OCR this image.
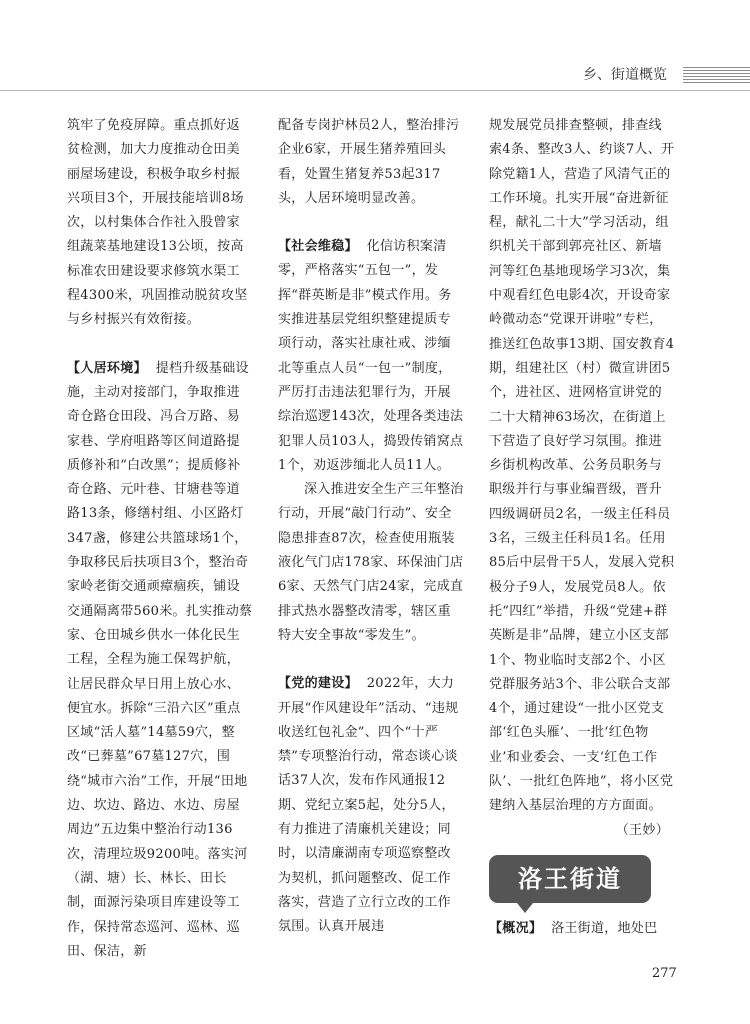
乡、街道概览

筑牢了免疫屏障。重点抓好返贫检测，加大力度推动仓田美丽屋场建设，积极争取乡村振兴项目3个，开展技能培训8场次，以村集体合作社入股曾家组蔬菜基地建设13公顷，按高标准农田建设要求修筑水渠工程4300米，巩固推动脱贫攻坚与乡村振兴有效衔接。

【人居环境】 提档升级基础设施，主动对接部门，争取推进奇仓路仓田段、冯合万路、易家巷、学府咀路等区间道路提质修补和“白改黑”；提质修补奇仓路、元叶巷、甘塘巷等道路13条，修缮村组、小区路灯347盏，修建公共篮球场1个，争取移民后扶项目3个，整治奇家岭老街交通顽瘴痼疾，铺设交通隔离带560米。扎实推动蔡家、仓田城乡供水一体化民生工程，全程为施工保驾护航，让居民群众早日用上放心水、便宜水。拆除“三沿六区”重点区域“活人墓”14墓59穴，整改“已葬墓”67墓127穴，围绕“城市六治”工作，开展“田地边、坎边、路边、水边、房屋周边”五边集中整治行动136次，清理垃圾9200吨。落实河（湖、塘）长、林长、田长制，面源污染项目库建设等工作，保持常态巡河、巡林、巡田、保洁，新

配备专岗护林员2人，整治排污企业6家，开展生猪养殖回头看，处置生猪复养53起317头，人居环境明显改善。

【社会维稳】 化信访积案清零，严格落实“五包一”，发挥“群英断是非”模式作用。务实推进基层党组织整建提质专项行动，落实社康社戒、涉缅北等重点人员“一包一”制度，严厉打击违法犯罪行为，开展综治巡逻143次，处理各类违法犯罪人员103人，捣毁传销窝点1个，劝返涉缅北人员11人。

深入推进安全生产三年整治行动，开展“敲门行动”、安全隐患排查87次，检查使用瓶装液化气门店178家、环保油门店6家、天然气门店24家，完成直排式热水器整改清零，辖区重特大安全事故“零发生”。

【党的建设】 2022年，大力开展“作风建设年”活动、“违规收送红包礼金”、四个“十严禁”专项整治行动，常态谈心谈话37人次，发布作风通报12期、党纪立案5起，处分5人，有力推进了清廉机关建设；同时，以清廉湖南专项巡察整改为契机，抓问题整改、促工作落实，营造了立行立改的工作氛围。认真开展违

规发展党员排查整顿，排查线索4条、整改3人、约谈7人、开除党籍1人，营造了风清气正的工作环境。扎实开展“奋进新征程，献礼二十大”学习活动，组织机关干部到郭亮社区、新墙河等红色基地现场学习3次，集中观看红色电影4次，开设奇家岭微动态“党课开讲啦”专栏，推送红色故事13期、国安教育4期，组建社区（村）微宣讲团5个，进社区、进网格宣讲党的二十大精神63场次，在街道上下营造了良好学习氛围。推进乡街机构改革、公务员职务与职级并行与事业编晋级，晋升四级调研员2名，一级主任科员3名，三级主任科员1名。任用85后中层骨干5人，发展入党积极分子9人，发展党员8人。依托“四红”举措，升级“党建+群英断是非”品牌，建立小区支部1个、物业临时支部2个、小区党群服务站3个、非公联合支部4个，通过建设“一批小区党支部‘红色头雁’、一批‘红色物业’和业委会、一支‘红色工作队’、一批红色阵地”，将小区党建纳入基层治理的方方面面。

（王妙）

洛王街道

【概况】 洛王街道，地处巴

277
